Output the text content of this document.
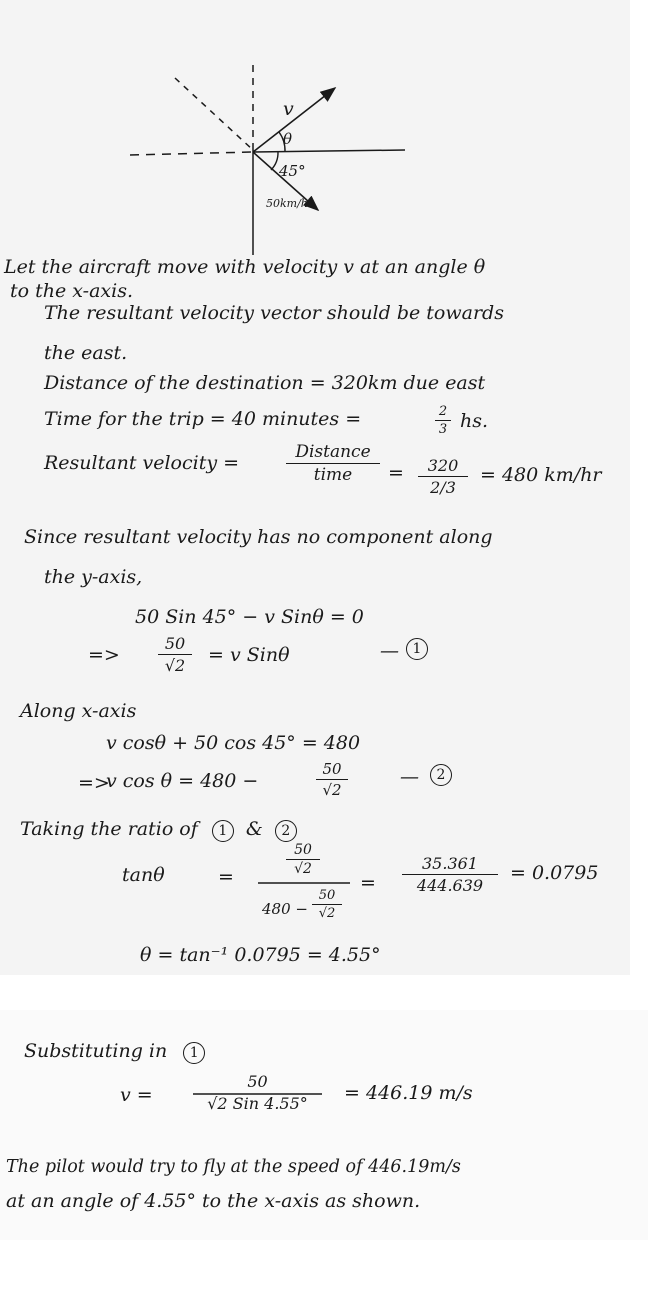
v
θ
45°
50km/h
Let the aircraft move with velocity v at an angle θ
to the x-axis.
The resultant velocity vector should be towards
the east.
Distance of the destination = 320km due east
Time for the trip = 40 minutes =	2
3 hs.
Resultant velocity =	Distance
time	=	320
2/3
= 480 km/hr
Since resultant velocity has no component along
the y-axis,
50 Sin 45° − v Sinθ = 0
=>
50
√2	= v Sinθ	— 1
Along x-axis
v cosθ + 50 cos 45° = 480
=>
v cos θ = 480 −
50
√2
—	2
Taking the ratio of 1 & 2
tanθ	=
50
√2
480 −
50
√2
=
35.361
444.639
= 0.0795
θ = tan⁻¹ 0.0795 = 4.55°
Substituting in 1
v =
50
√2 Sin 4.55°	= 446.19 m/s
The pilot would try to fly at the speed of 446.19m/s
at an angle of 4.55° to the x-axis as shown.
